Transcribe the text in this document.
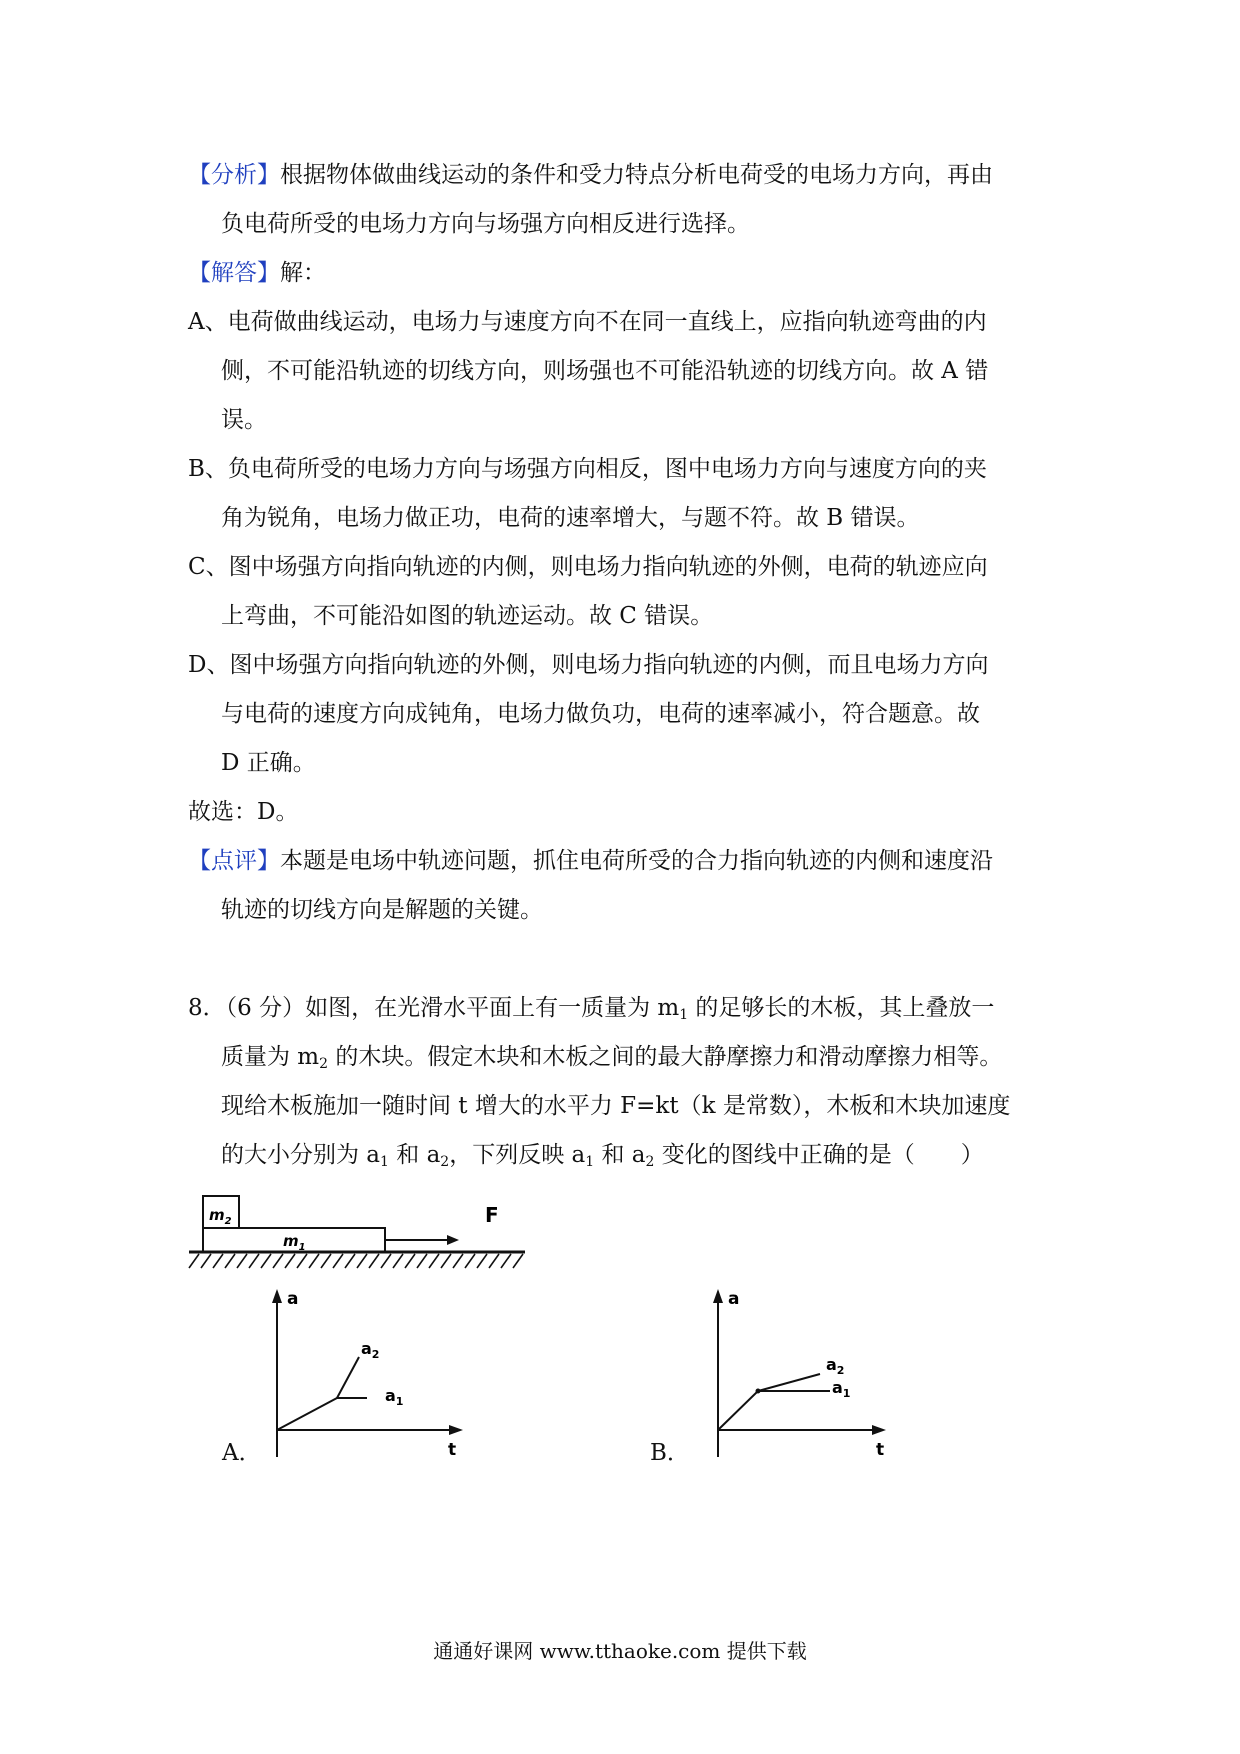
【分析】根据物体做曲线运动的条件和受力特点分析电荷受的电场力方向，再由
负电荷所受的电场力方向与场强方向相反进行选择。
【解答】解：
A、电荷做曲线运动，电场力与速度方向不在同一直线上，应指向轨迹弯曲的内
侧，不可能沿轨迹的切线方向，则场强也不可能沿轨迹的切线方向。故 A 错
误。
B、负电荷所受的电场力方向与场强方向相反，图中电场力方向与速度方向的夹
角为锐角，电场力做正功，电荷的速率增大，与题不符。故 B 错误。
C、图中场强方向指向轨迹的内侧，则电场力指向轨迹的外侧，电荷的轨迹应向
上弯曲，不可能沿如图的轨迹运动。故 C 错误。
D、图中场强方向指向轨迹的外侧，则电场力指向轨迹的内侧，而且电场力方向
与电荷的速度方向成钝角，电场力做负功，电荷的速率减小，符合题意。故
D 正确。
故选：D。
【点评】本题是电场中轨迹问题，抓住电荷所受的合力指向轨迹的内侧和速度沿
轨迹的切线方向是解题的关键。
8．（6 分）如图，在光滑水平面上有一质量为 $m_1$ 的足够长的木板，其上叠放一
质量为 $m_2$ 的木块。假定木块和木板之间的最大静摩擦力和滑动摩擦力相等。
现给木板施加一随时间 t 增大的水平力 F=kt（k 是常数），木板和木块加速度
的大小分别为 $a_1$ 和 $a_2$，下列反映 $a_1$ 和 $a_2$ 变化的图线中正确的是（　　）
$m_2$
$m_1$
F
A．
a
t
$a_2$
$a_1$
B．
a
t
$a_2$
$a_1$
通通好课网 www.tthaoke.com 提供下载
